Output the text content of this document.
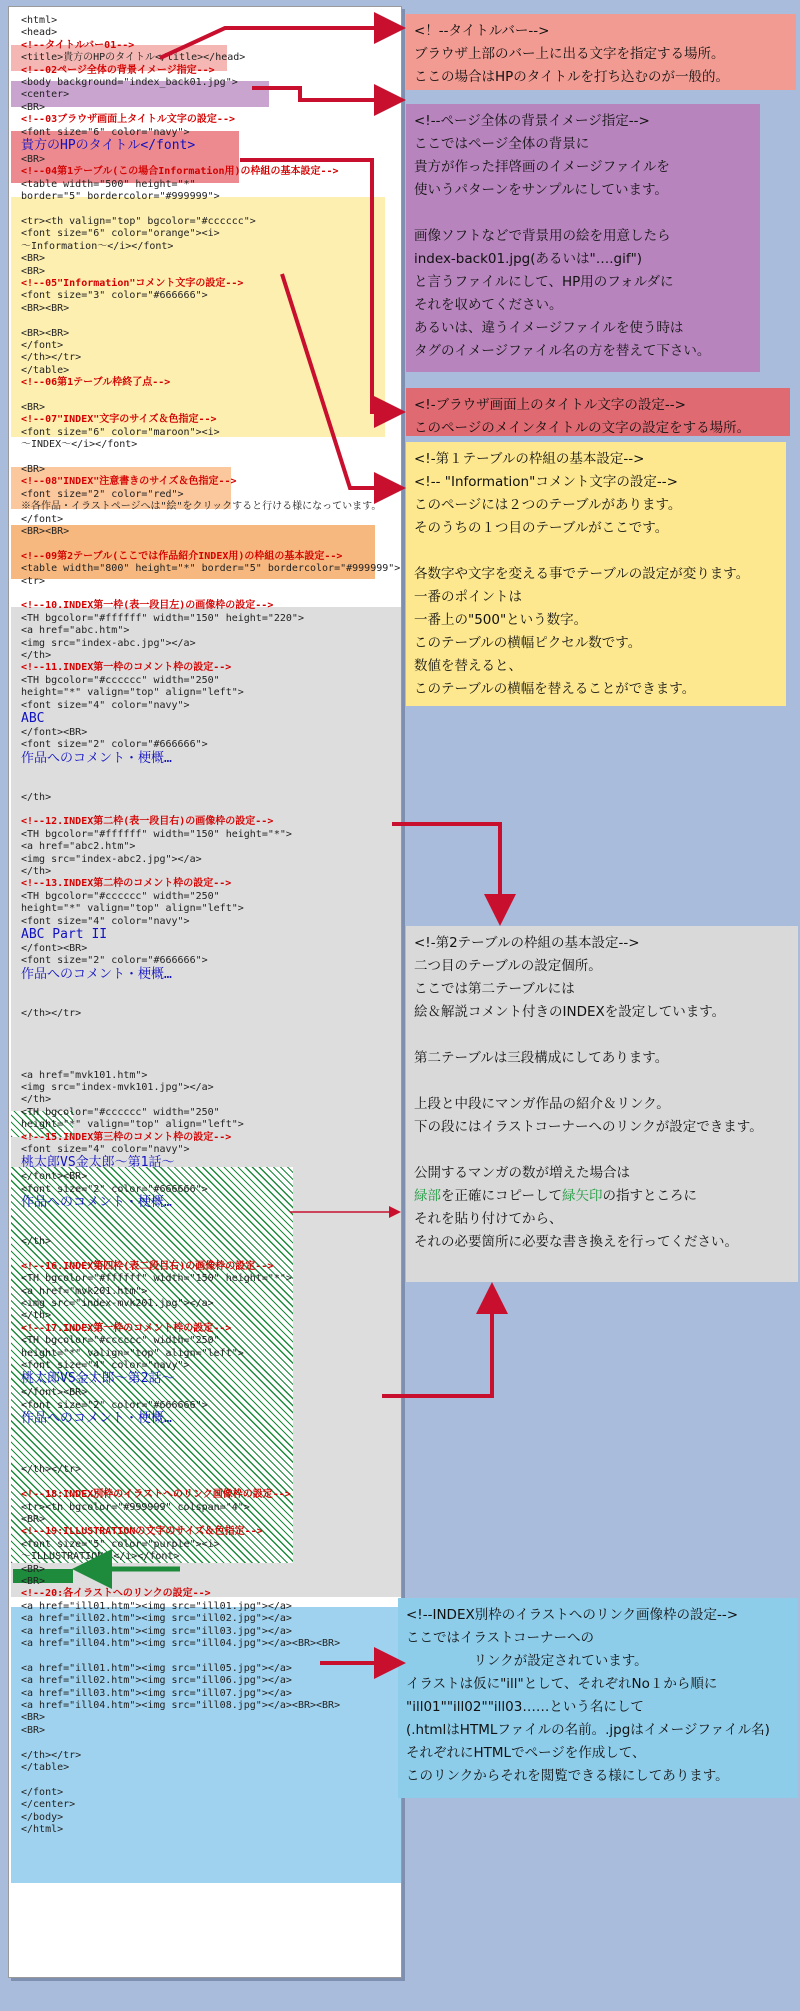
<html>
<head>
<!--タイトルバー01-->
<title>貴方のHPのタイトル</title></head>
<!--02ページ全体の背景イメージ指定-->
<body background="index_back01.jpg">
<center>
<BR>
<!--03ブラウザ画面上タイトル文字の設定-->
<font size="6" color="navy">
貴方のHPのタイトル</font>
<BR>
<!--04第1テーブル(この場合Information用)の枠組の基本設定-->
<table width="500" height="*"
border="5" bordercolor="#999999">
<tr><th valign="top" bgcolor="#cccccc">
<font size="6" color="orange"><i>
～Information～</i></font>
<BR>
<BR>
<!--05"Information"コメント文字の設定-->
<font size="3" color="#666666">
<BR><BR>
<BR><BR>
</font>
</th></tr>
</table>
<!--06第1テーブル枠終了点-->
<BR>
<!--07"INDEX"文字のサイズ＆色指定-->
<font size="6" color="maroon"><i>
～INDEX～</i></font>
<BR>
<!--08"INDEX"注意書きのサイズ＆色指定-->
<font size="2" color="red">
※各作品・イラストページへは"絵"をクリックすると行ける様になっています。
</font>
<BR><BR>
<!--09第2テーブル(ここでは作品紹介INDEX用)の枠組の基本設定-->
<table width="800" height="*" border="5" bordercolor="#999999">
<tr>
<!--10.INDEX第一枠(表一段目左)の画像枠の設定-->
<TH bgcolor="#ffffff" width="150" height="220">
<a href="abc.htm">
<img src="index-abc.jpg"></a>
</th>
<!--11.INDEX第一枠のコメント枠の設定-->
<TH bgcolor="#cccccc" width="250"
height="*" valign="top" align="left">
<font size="4" color="navy">
ABC
</font><BR>
<font size="2" color="#666666">
作品へのコメント・梗概…
</th>
<!--12.INDEX第二枠(表一段目右)の画像枠の設定-->
<TH bgcolor="#ffffff" width="150" height="*">
<a href="abc2.htm">
<img src="index-abc2.jpg"></a>
</th>
<!--13.INDEX第二枠のコメント枠の設定-->
<TH bgcolor="#cccccc" width="250"
height="*" valign="top" align="left">
<font size="4" color="navy">
ABC Part II
</font><BR>
<font size="2" color="#666666">
作品へのコメント・梗概…
</th></tr>
<a href="mvk101.htm">
<img src="index-mvk101.jpg"></a>
</th>
<TH bgcolor="#cccccc" width="250"
height="*" valign="top" align="left">
<!--15.INDEX第三枠のコメント枠の設定-->
<font size="4" color="navy">
桃太郎VS金太郎～第1話～
</font><BR>
<font size="2" color="#666666">
作品へのコメント・梗概…
</th>
<!--16.INDEX第四枠(表二段目右)の画像枠の設定-->
<TH bgcolor="#ffffff" width="150" height="*">
<a href="mvk201.htm">
<img src="index-mvk201.jpg"></a>
</th>
<!--17.INDEX第一枠のコメント枠の設定-->
<TH bgcolor="#cccccc" width="250"
height="*" valign="top" align="left">
<font size="4" color="navy">
桃太郎VS金太郎～第2話～
</font><BR>
<font size="2" color="#666666">
作品へのコメント・梗概…
</th></tr>
<!--18:INDEX別枠のイラストへのリンク画像枠の設定-->
<tr><th bgcolor="#999999" colspan="4">
<BR>
<!--19:ILLUSTRATIONの文字のサイズ＆色指定-->
<font size="5" color="purple"><i>
～ILLUSTRATION～</i></font>
<BR>
<BR>
<!--20:各イラストへのリンクの設定-->
<a href="ill01.htm"><img src="ill01.jpg"></a>
<a href="ill02.htm"><img src="ill02.jpg"></a>
<a href="ill03.htm"><img src="ill03.jpg"></a>
<a href="ill04.htm"><img src="ill04.jpg"></a><BR><BR>
<a href="ill01.htm"><img src="ill05.jpg"></a>
<a href="ill02.htm"><img src="ill06.jpg"></a>
<a href="ill03.htm"><img src="ill07.jpg"></a>
<a href="ill04.htm"><img src="ill08.jpg"></a><BR><BR>
<BR>
<BR>
</th></tr>
</table>
</font>
</center>
</body>
</html>
<！--タイトルバー-->
ブラウザ上部のバー上に出る文字を指定する場所。
ここの場合はHPのタイトルを打ち込むのが一般的。
<!--ページ全体の背景イメージ指定-->
ここではページ全体の背景に
貴方が作った拝啓画のイメージファイルを
使いうパターンをサンプルにしています。
画像ソフトなどで背景用の絵を用意したら
index-back01.jpg(あるいは"….gif")
と言うファイルにして、HP用のフォルダに
それを収めてください。
あるいは、違うイメージファイルを使う時は
タグのイメージファイル名の方を替えて下さい。
<!-ブラウザ画面上のタイトル文字の設定-->
このページのメインタイトルの文字の設定をする場所。
<!-第１テーブルの枠組の基本設定-->
<!-- "Information"コメント文字の設定-->
このページには２つのテーブルがあります。
そのうちの１つ目のテーブルがここです。
各数字や文字を変える事でテーブルの設定が変ります。
一番のポイントは
一番上の"500"という数字。
このテーブルの横幅ピクセル数です。
数値を替えると、
このテーブルの横幅を替えることができます。
<!-第2テーブルの枠組の基本設定-->
二つ目のテーブルの設定個所。
ここでは第二テーブルには
絵＆解説コメント付きのINDEXを設定しています。
第二テーブルは三段構成にしてあります。
上段と中段にマンガ作品の紹介＆リンク。
下の段にはイラストコーナーへのリンクが設定できます。
公開するマンガの数が増えた場合は
緑部を正確にコピーして緑矢印の指すところに
それを貼り付けてから、
それの必要箇所に必要な書き換えを行ってください。
<!--INDEX別枠のイラストへのリンク画像枠の設定-->
ここではイラストコーナーへの
　　　　　リンクが設定されています。
イラストは仮に"ill"として、それぞれNo１から順に
"ill01""ill02""ill03……という名にして
(.htmlはHTMLファイルの名前。.jpgはイメージファイル名)
それぞれにHTMLでページを作成して、
このリンクからそれを閲覧できる様にしてあります。
